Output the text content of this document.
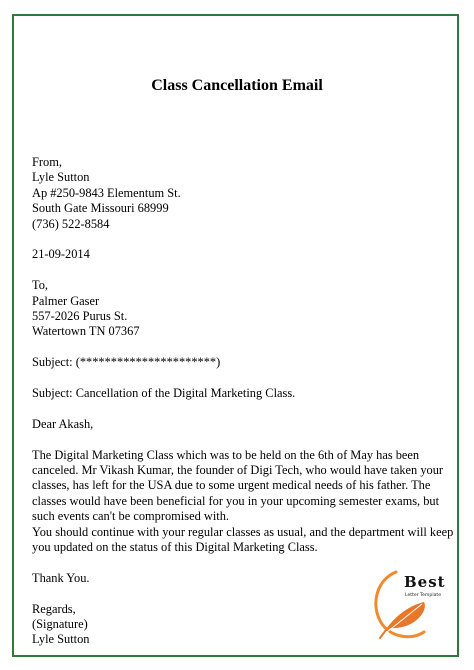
Class Cancellation Email
From,
Lyle Sutton
Ap #250-9843 Elementum St.
South Gate Missouri 68999
(736) 522-8584
21-09-2014
To,
Palmer Gaser
557-2026 Purus St.
Watertown TN 07367
Subject: (**********************)
Subject: Cancellation of the Digital Marketing Class.
Dear Akash,
The Digital Marketing Class which was to be held on the 6th of May has been
canceled. Mr Vikash Kumar, the founder of Digi Tech, who would have taken your
classes, has left for the USA due to some urgent medical needs of his father. The
classes would have been beneficial for you in your upcoming semester exams, but
such events can't be compromised with.
You should continue with your regular classes as usual, and the department will keep
you updated on the status of this Digital Marketing Class.
Thank You.
Regards,
(Signature)
Lyle Sutton
Best
Letter Template
